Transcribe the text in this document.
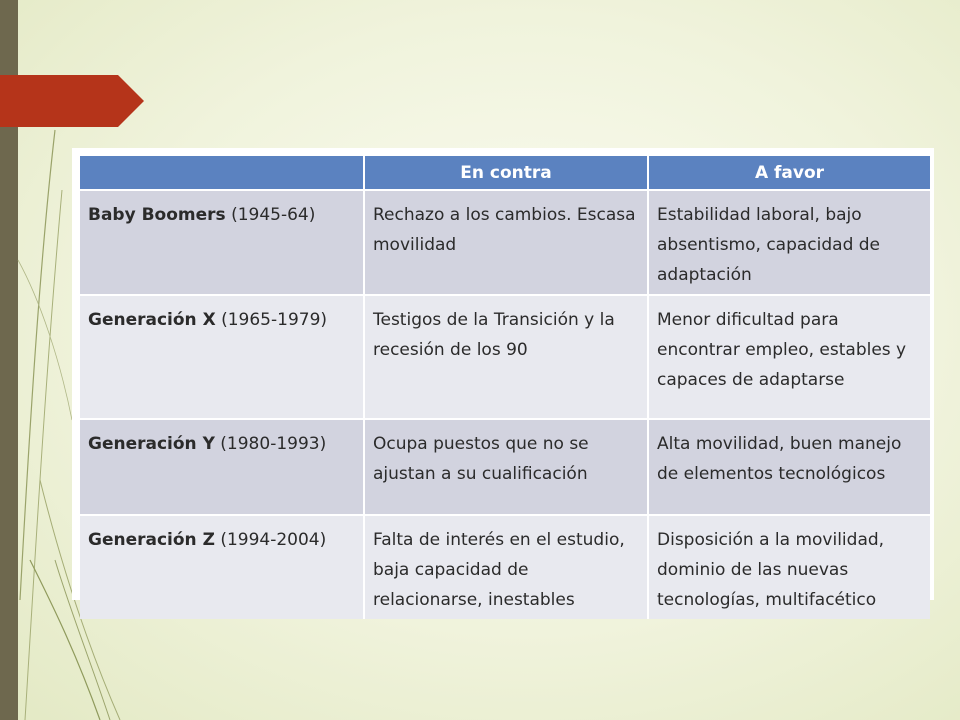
	En contra	A favor
Baby Boomers (1945-64)	Rechazo a los cambios. Escasa movilidad	Estabilidad laboral, bajo absentismo, capacidad de adaptación
Generación X (1965-1979)	Testigos de la Transición y la recesión de los 90	Menor dificultad para encontrar empleo, estables y capaces de adaptarse
Generación Y (1980-1993)	Ocupa puestos que no se ajustan a su cualificación	Alta movilidad, buen manejo de elementos tecnológicos
Generación Z (1994-2004)	Falta de interés en el estudio, baja capacidad de relacionarse, inestables	Disposición a la movilidad, dominio de las nuevas tecnologías, multifacético
